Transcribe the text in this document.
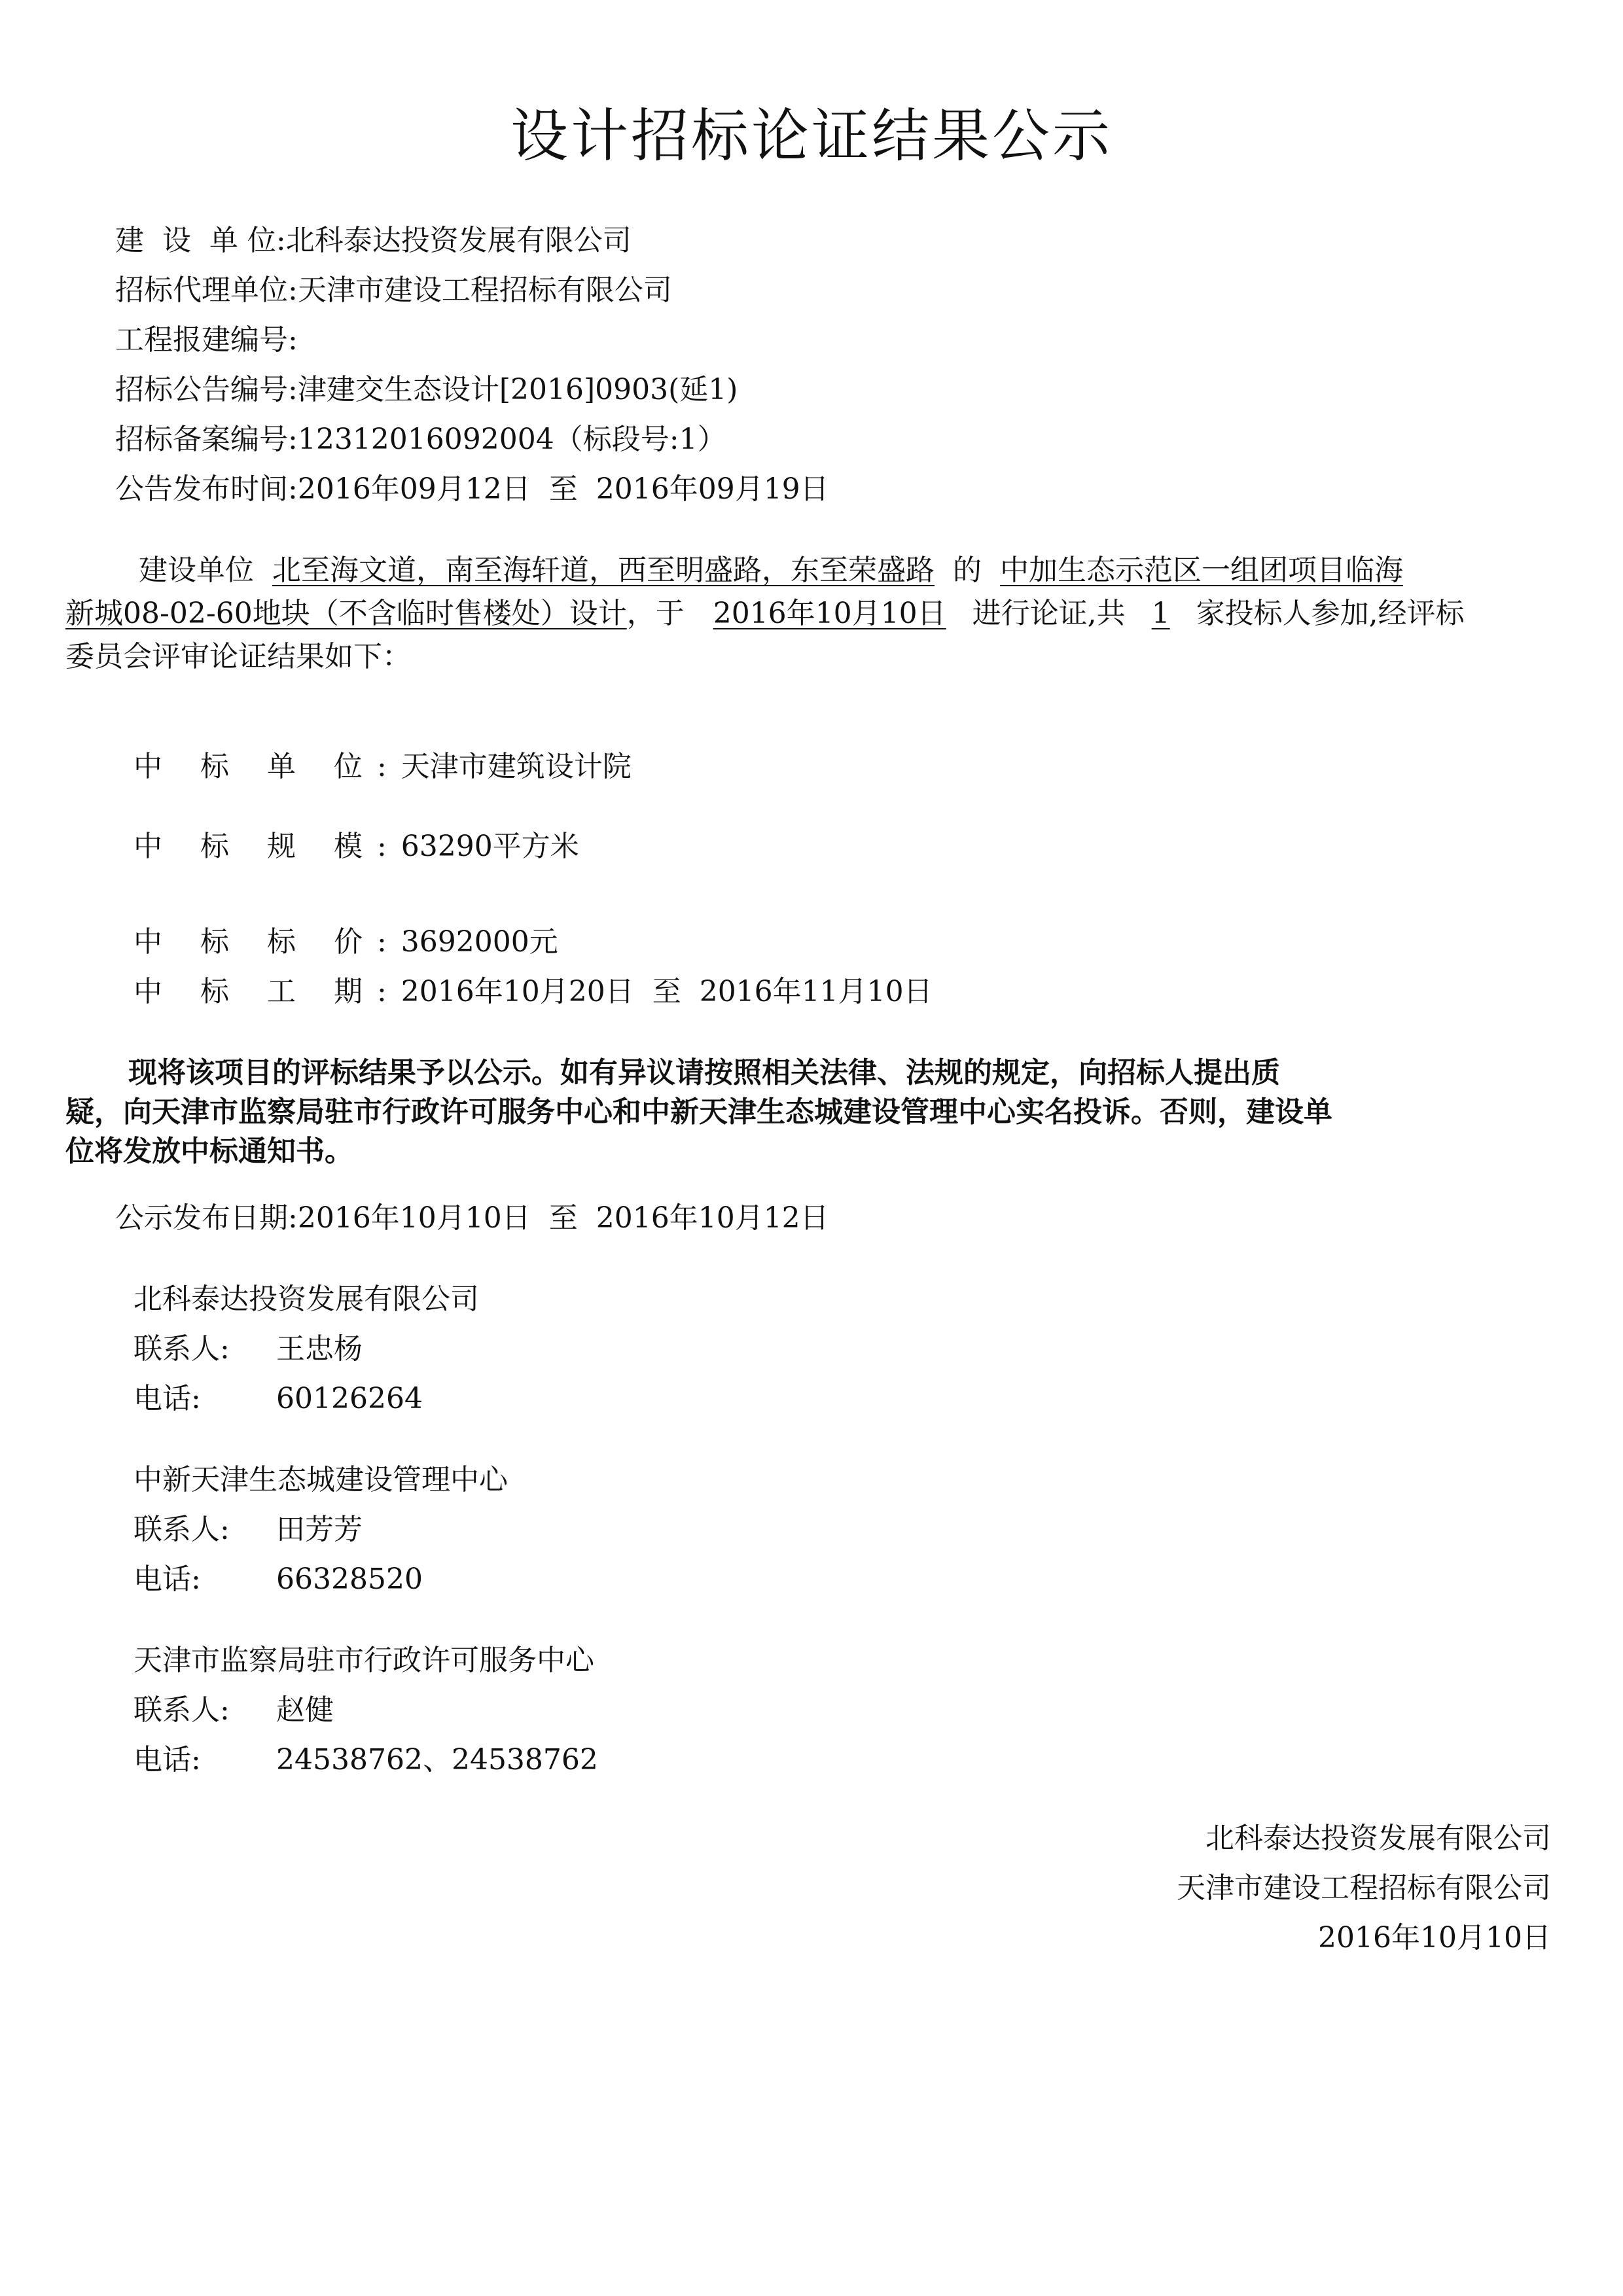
设计招标论证结果公示
建  设  单 位:北科泰达投资发展有限公司
招标代理单位:天津市建设工程招标有限公司
工程报建编号:
招标公告编号:津建交生态设计[2016]0903(延1)
招标备案编号:12312016092004（标段号:1）
公告发布时间:2016年09月12日  至  2016年09月19日
建设单位 北至海文道，南至海轩道，西至明盛路，东至荣盛路 的 中加生态示范区一组团项目临海
新城08-02-60地块（不含临时售楼处）设计，于 2016年10月10日 进行论证,共 1 家投标人参加,经评标
委员会评审论证结果如下：
中 标 单 位:天津市建筑设计院
中 标 规 模:63290平方米
中 标 标 价:3692000元
中 标 工 期:2016年10月20日  至  2016年11月10日
现将该项目的评标结果予以公示。如有异议请按照相关法律、法规的规定，向招标人提出质
疑，向天津市监察局驻市行政许可服务中心和中新天津生态城建设管理中心实名投诉。否则，建设单
位将发放中标通知书。
公示发布日期:2016年10月10日  至  2016年10月12日
北科泰达投资发展有限公司
联系人: 王忠杨
电话:	60126264
中新天津生态城建设管理中心
联系人: 田芳芳
电话:	66328520
天津市监察局驻市行政许可服务中心
联系人: 赵健
电话:	24538762、24538762
北科泰达投资发展有限公司
天津市建设工程招标有限公司
2016年10月10日
